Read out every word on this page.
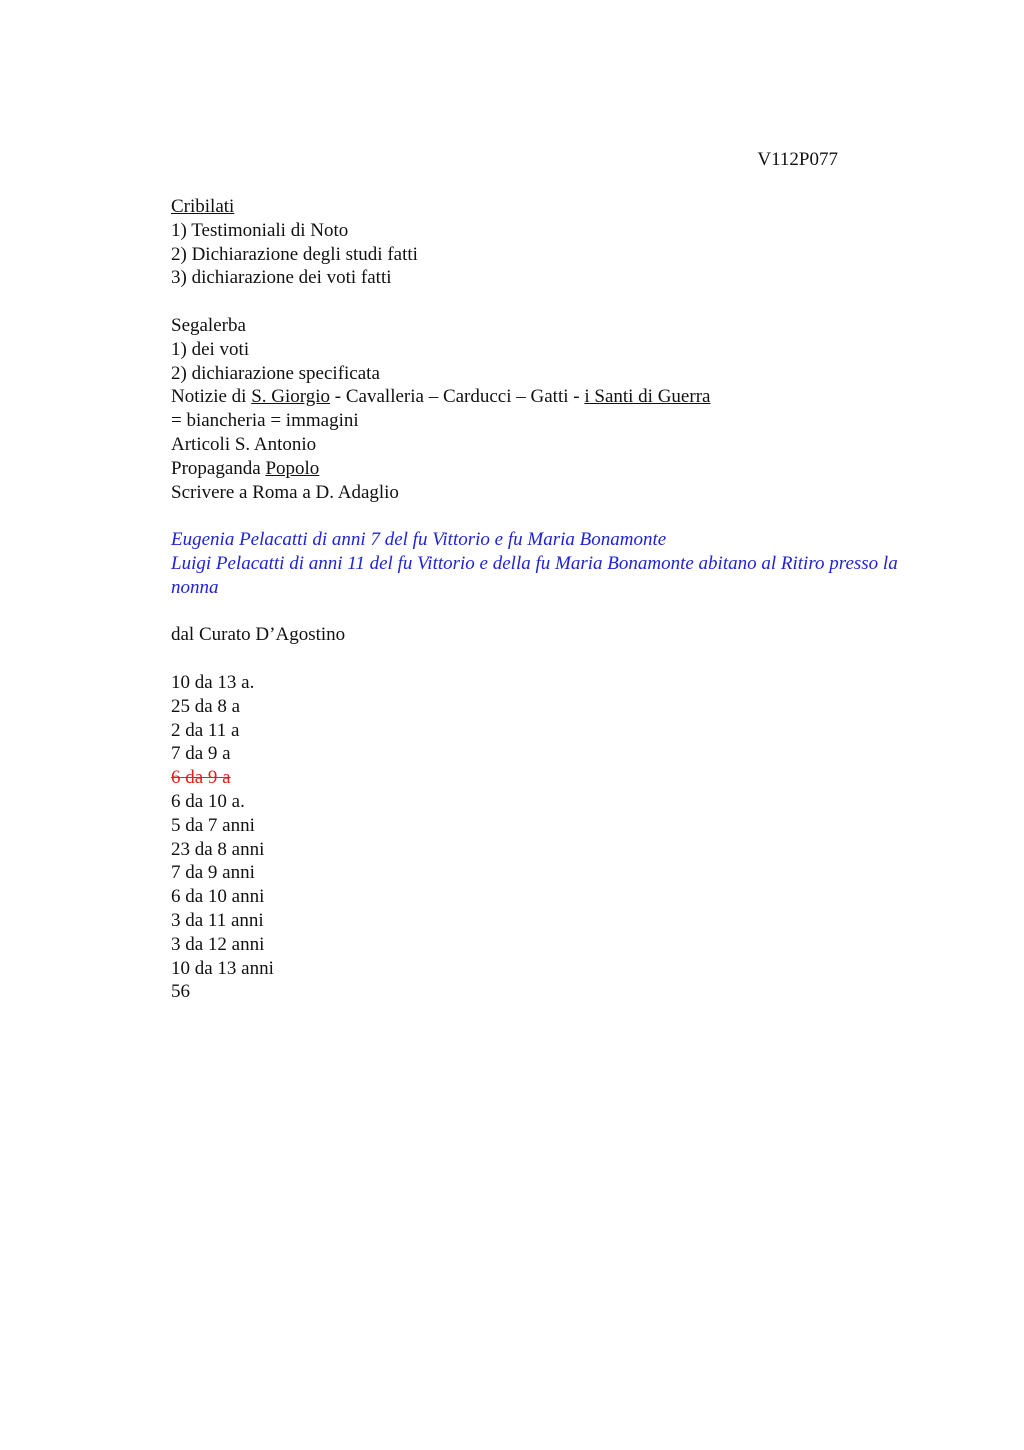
V112P077

Cribilati

1) Testimoniali di Noto

2) Dichiarazione degli studi fatti

3) dichiarazione dei voti fatti

Segalerba

1) dei voti

2) dichiarazione specificata

Notizie di S. Giorgio - Cavalleria – Carducci – Gatti - i Santi di Guerra

= biancheria = immagini

Articoli S. Antonio

Propaganda Popolo

Scrivere a Roma a D. Adaglio

Eugenia Pelacatti di anni 7 del fu Vittorio e fu Maria Bonamonte

Luigi Pelacatti di anni 11 del fu Vittorio e della fu Maria Bonamonte abitano al Ritiro presso la nonna

dal Curato D’Agostino

10 da 13 a.

25 da 8 a

2 da 11 a

7 da 9 a

6 da 9 a

6 da 10 a.

5 da 7 anni

23 da 8 anni

7 da 9 anni

6 da 10 anni

3 da 11 anni

3 da 12 anni

10 da 13 anni

56
